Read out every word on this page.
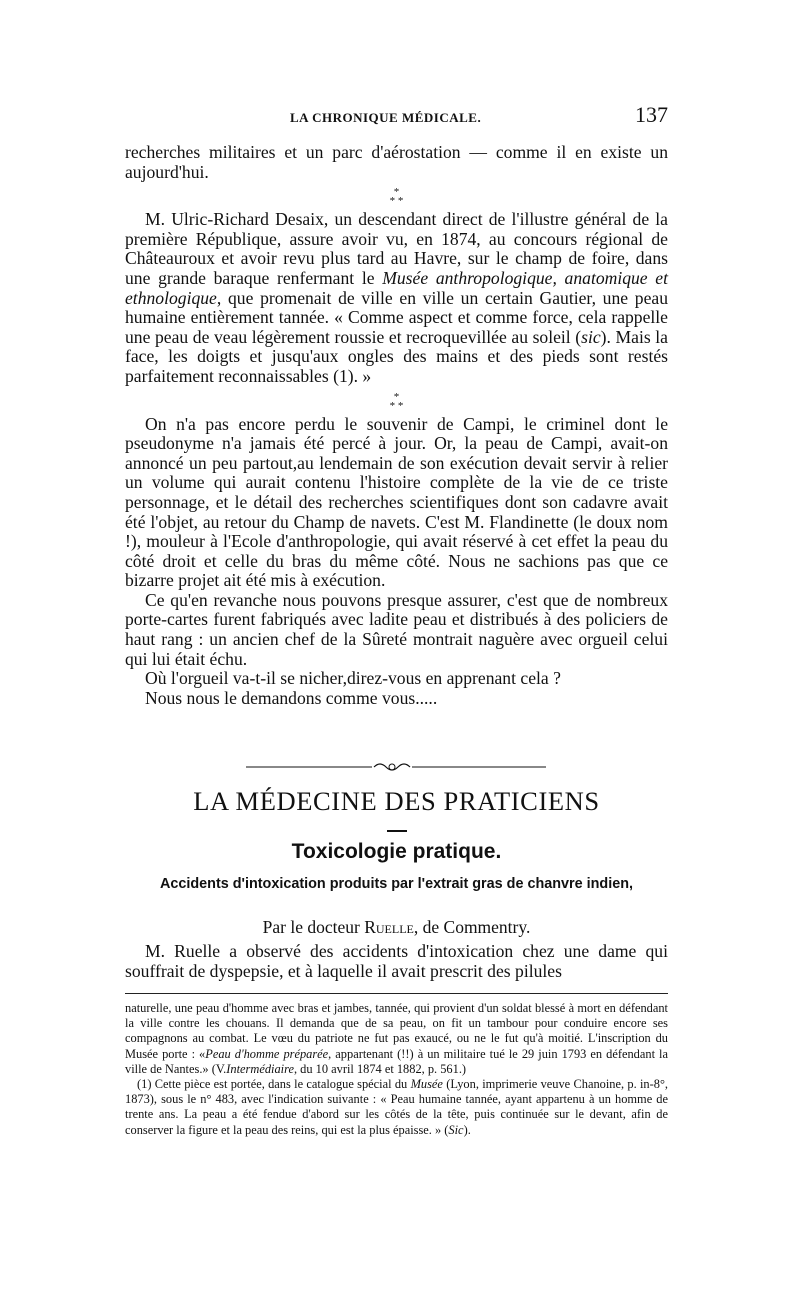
LA CHRONIQUE MÉDICALE.	137

recherches militaires et un parc d'aérostation — comme il en existe un aujourd'hui.

*
* *

M. Ulric-Richard Desaix, un descendant direct de l'illustre général de la première République, assure avoir vu, en 1874, au concours régional de Châteauroux et avoir revu plus tard au Havre, sur le champ de foire, dans une grande baraque renfermant le Musée anthropologique, anatomique et ethnologique, que promenait de ville en ville un certain Gautier, une peau humaine entièrement tannée. « Comme aspect et comme force, cela rappelle une peau de veau légèrement roussie et recroquevillée au soleil (sic). Mais la face, les doigts et jusqu'aux ongles des mains et des pieds sont restés parfaitement reconnaissables (1). »

*
* *

On n'a pas encore perdu le souvenir de Campi, le criminel dont le pseudonyme n'a jamais été percé à jour. Or, la peau de Campi, avait-on annoncé un peu partout,au lendemain de son exécution devait servir à relier un volume qui aurait contenu l'histoire complète de la vie de ce triste personnage, et le détail des recherches scientifiques dont son cadavre avait été l'objet, au retour du Champ de navets. C'est M. Flandinette (le doux nom !), mouleur à l'Ecole d'anthropologie, qui avait réservé à cet effet la peau du côté droit et celle du bras du même côté. Nous ne sachions pas que ce bizarre projet ait été mis à exécution.

Ce qu'en revanche nous pouvons presque assurer, c'est que de nombreux porte-cartes furent fabriqués avec ladite peau et distribués à des policiers de haut rang : un ancien chef de la Sûreté montrait naguère avec orgueil celui qui lui était échu.

Où l'orgueil va-t-il se nicher,direz-vous en apprenant cela ?

Nous nous le demandons comme vous.....

LA MÉDECINE DES PRATICIENS
Toxicologie pratique.
Accidents d'intoxication produits par l'extrait gras de chanvre indien,
Par le docteur Ruelle, de Commentry.

M. Ruelle a observé des accidents d'intoxication chez une dame qui souffrait de dyspepsie, et à laquelle il avait prescrit des pilules

naturelle, une peau d'homme avec bras et jambes, tannée, qui provient d'un soldat blessé à mort en défendant la ville contre les chouans. Il demanda que de sa peau, on fit un tambour pour conduire encore ses compagnons au combat. Le vœu du patriote ne fut pas exaucé, ou ne le fut qu'à moitié. L'inscription du Musée porte : «Peau d'homme préparée, appartenant (!!) à un militaire tué le 29 juin 1793 en défendant la ville de Nantes.» (V.Intermédiaire, du 10 avril 1874 et 1882, p. 561.)

(1) Cette pièce est portée, dans le catalogue spécial du Musée (Lyon, imprimerie veuve Chanoine, p. in-8°, 1873), sous le n° 483, avec l'indication suivante : « Peau humaine tannée, ayant appartenu à un homme de trente ans. La peau a été fendue d'abord sur les côtés de la tête, puis continuée sur le devant, afin de conserver la figure et la peau des reins, qui est la plus épaisse. » (Sic).
